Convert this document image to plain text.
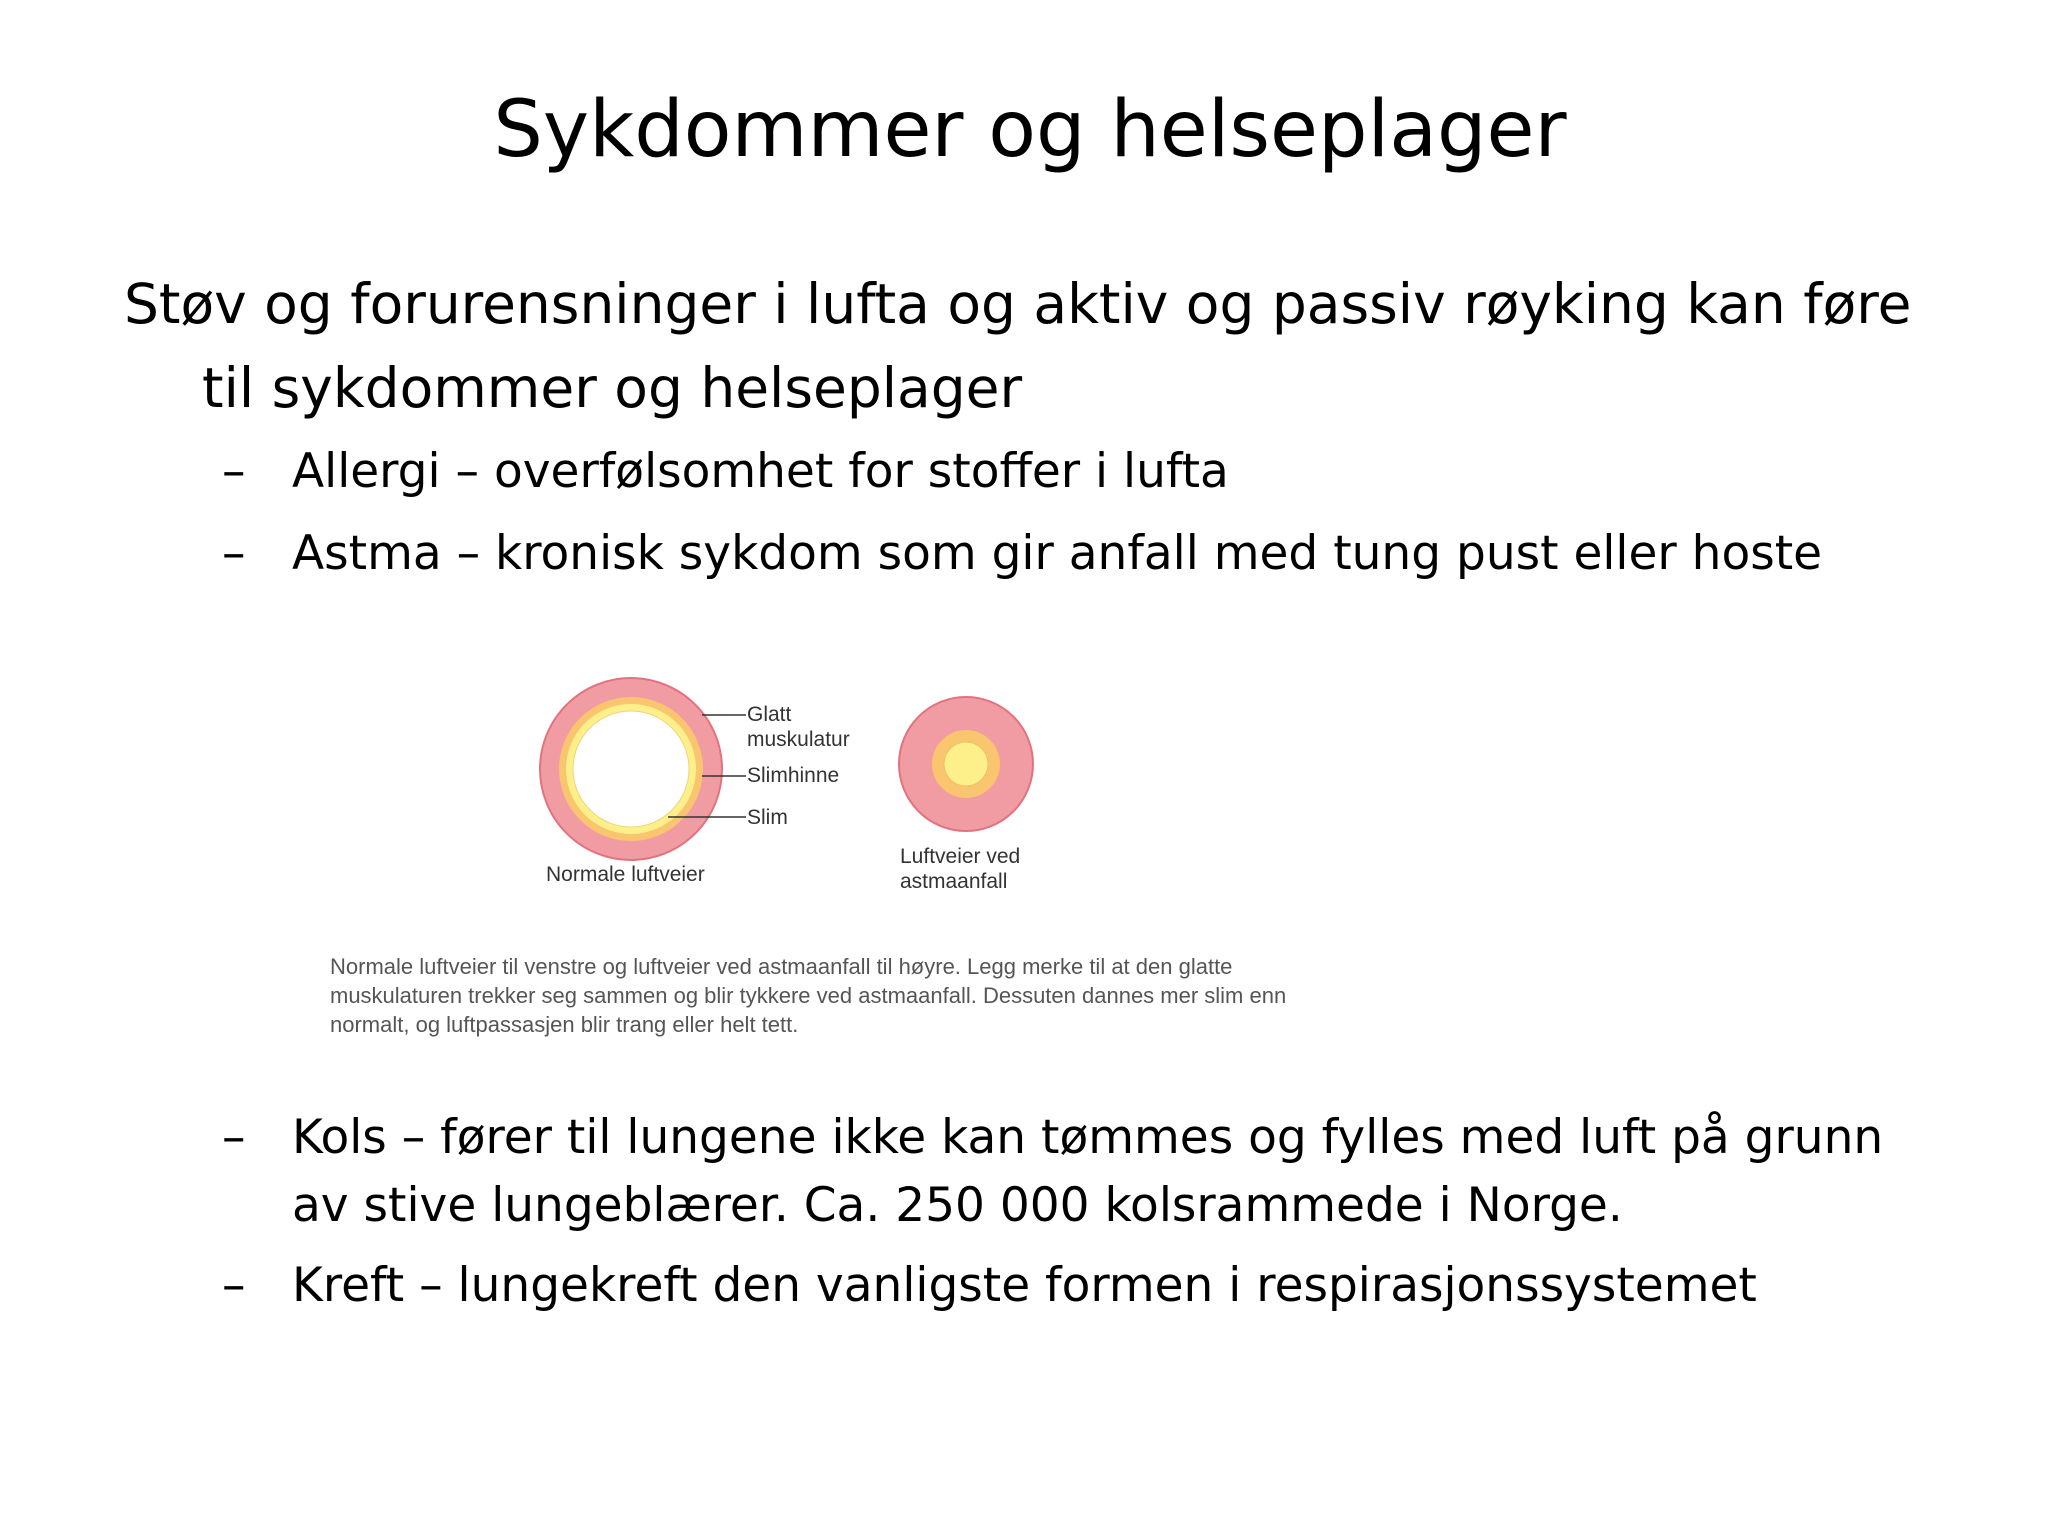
Sykdommer og helseplager
Støv og forurensninger i lufta og aktiv og passiv røyking kan føre
til sykdommer og helseplager
– Allergi – overfølsomhet for stoffer i lufta
– Astma – kronisk sykdom som gir anfall med tung pust eller hoste
Glatt
muskulatur
Slimhinne
Slim
Normale luftveier
Luftveier ved
astmaanfall
Normale luftveier til venstre og luftveier ved astmaanfall til høyre. Legg merke til at den glatte muskulaturen trekker seg sammen og blir tykkere ved astmaanfall. Dessuten dannes mer slim enn normalt, og luftpassasjen blir trang eller helt tett.
– Kols – fører til lungene ikke kan tømmes og fylles med luft på grunn av stive lungeblærer. Ca. 250 000 kolsrammede i Norge.
– Kreft – lungekreft den vanligste formen i respirasjonssystemet
